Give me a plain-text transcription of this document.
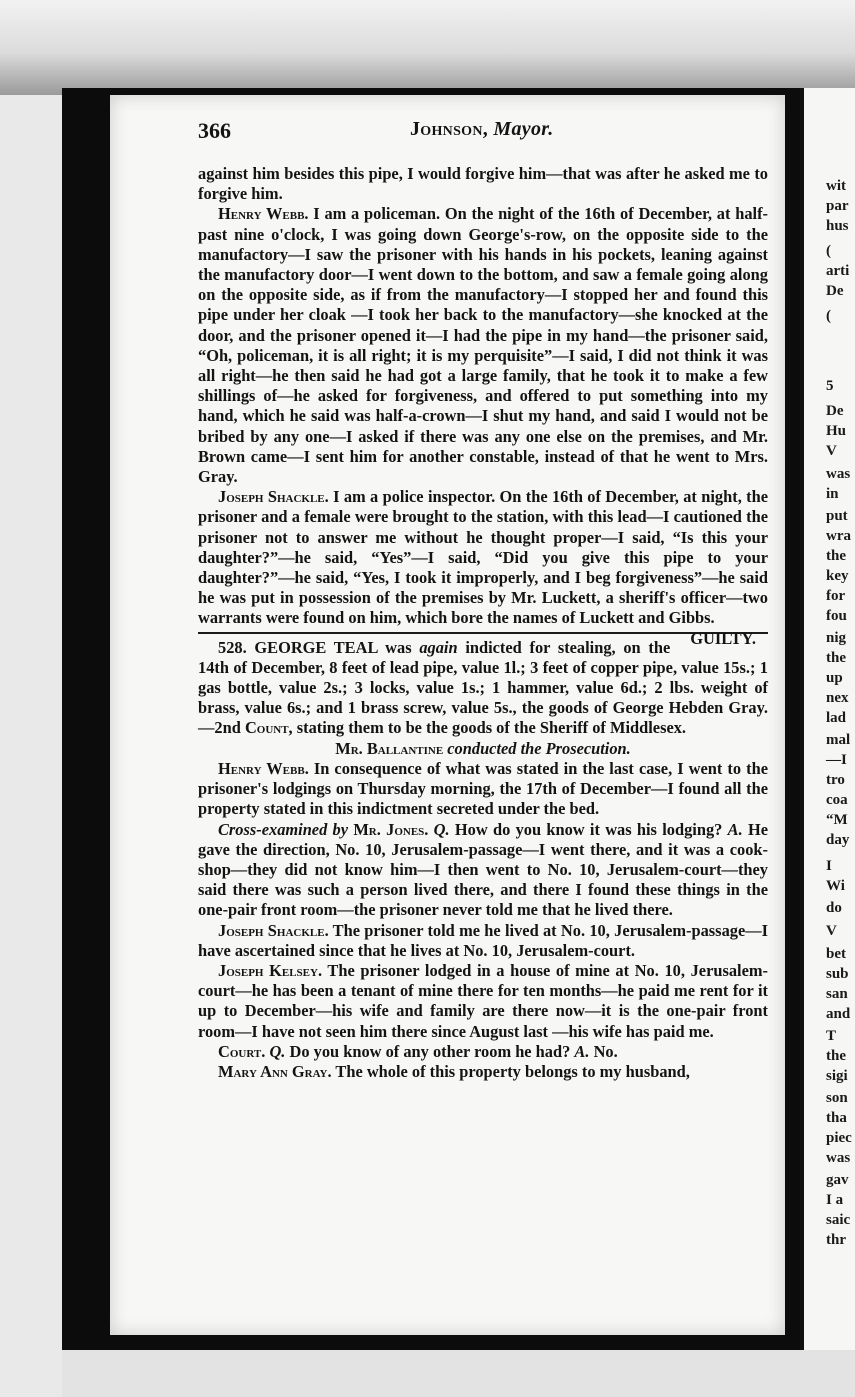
wit
par
hus
(
arti
De
(
5
De
Hu
V
was
in
put
wra
the
key
for
fou
nig
the
up
nex
lad
mal
—I
tro
coa
“M
day
I
Wi
do
V
bet
sub
san
and
T
the
sigi
son
tha
piec
was
gav
I a
saic
thr
366	Johnson, Mayor.

against him besides this pipe, I would forgive him—that was after he asked me to forgive him.

Henry Webb. I am a policeman. On the night of the 16th of December, at half-past nine o'clock, I was going down George's-row, on the opposite side to the manufactory—I saw the prisoner with his hands in his pockets, leaning against the manufactory door—I went down to the bottom, and saw a female going along on the opposite side, as if from the manufactory—I stopped her and found this pipe under her cloak —I took her back to the manufactory—she knocked at the door, and the prisoner opened it—I had the pipe in my hand—the prisoner said, “Oh, policeman, it is all right; it is my perquisite”—I said, I did not think it was all right—he then said he had got a large family, that he took it to make a few shillings of—he asked for forgiveness, and offered to put something into my hand, which he said was half-a-crown—I shut my hand, and said I would not be bribed by any one—I asked if there was any one else on the premises, and Mr. Brown came—I sent him for another constable, instead of that he went to Mrs. Gray.

Joseph Shackle. I am a police inspector. On the 16th of December, at night, the prisoner and a female were brought to the station, with this lead—I cautioned the prisoner not to answer me without he thought proper—I said, “Is this your daughter?”—he said, “Yes”—I said, “Did you give this pipe to your daughter?”—he said, “Yes, I took it improperly, and I beg forgiveness”—he said he was put in possession of the premises by Mr. Luckett, a sheriff's officer—two warrants were found on him, which bore the names of Luckett and Gibbs.
GUILTY.

528. GEORGE TEAL was again indicted for stealing, on the 14th of December, 8 feet of lead pipe, value 1l.; 3 feet of copper pipe, value 15s.; 1 gas bottle, value 2s.; 3 locks, value 1s.; 1 hammer, value 6d.; 2 lbs. weight of brass, value 6s.; and 1 brass screw, value 5s., the goods of George Hebden Gray.—2nd Count, stating them to be the goods of the Sheriff of Middlesex.

Mr. Ballantine conducted the Prosecution.

Henry Webb. In consequence of what was stated in the last case, I went to the prisoner's lodgings on Thursday morning, the 17th of December—I found all the property stated in this indictment secreted under the bed.

Cross-examined by Mr. Jones. Q. How do you know it was his lodging? A. He gave the direction, No. 10, Jerusalem-passage—I went there, and it was a cook-shop—they did not know him—I then went to No. 10, Jerusalem-court—they said there was such a person lived there, and there I found these things in the one-pair front room—the prisoner never told me that he lived there.

Joseph Shackle. The prisoner told me he lived at No. 10, Jerusalem-passage—I have ascertained since that he lives at No. 10, Jerusalem-court.

Joseph Kelsey. The prisoner lodged in a house of mine at No. 10, Jerusalem-court—he has been a tenant of mine there for ten months—he paid me rent for it up to December—his wife and family are there now—it is the one-pair front room—I have not seen him there since August last —his wife has paid me.

Court. Q. Do you know of any other room he had? A. No.

Mary Ann Gray. The whole of this property belongs to my husband,
